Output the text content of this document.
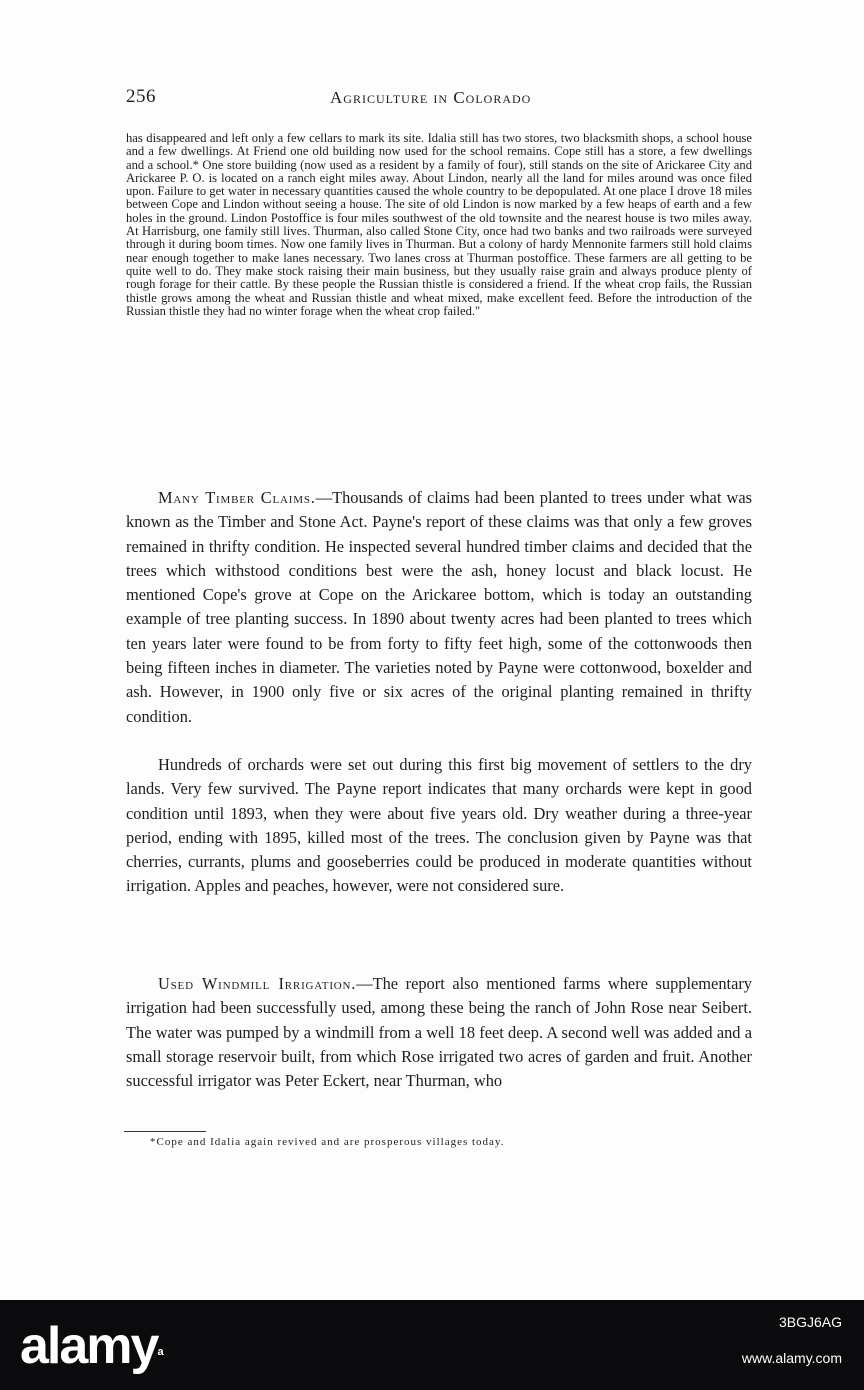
256	Agriculture in Colorado

has disappeared and left only a few cellars to mark its site. Idalia still has two stores, two blacksmith shops, a school house and a few dwellings. At Friend one old building now used for the school remains. Cope still has a store, a few dwellings and a school.* One store building (now used as a resident by a family of four), still stands on the site of Arickaree City and Arickaree P. O. is located on a ranch eight miles away. About Lindon, nearly all the land for miles around was once filed upon. Failure to get water in necessary quantities caused the whole country to be depopulated. At one place I drove 18 miles between Cope and Lindon without seeing a house. The site of old Lindon is now marked by a few heaps of earth and a few holes in the ground. Lindon Postoffice is four miles southwest of the old townsite and the nearest house is two miles away. At Harrisburg, one family still lives. Thurman, also called Stone City, once had two banks and two railroads were surveyed through it during boom times. Now one family lives in Thurman. But a colony of hardy Mennonite farmers still hold claims near enough together to make lanes necessary. Two lanes cross at Thurman postoffice. These farmers are all getting to be quite well to do. They make stock raising their main business, but they usually raise grain and always produce plenty of rough forage for their cattle. By these people the Russian thistle is considered a friend. If the wheat crop fails, the Russian thistle grows among the wheat and Russian thistle and wheat mixed, make excellent feed. Before the introduction of the Russian thistle they had no winter forage when the wheat crop failed."

Many Timber Claims.—Thousands of claims had been planted to trees under what was known as the Timber and Stone Act. Payne's report of these claims was that only a few groves remained in thrifty condition. He inspected several hundred timber claims and decided that the trees which withstood conditions best were the ash, honey locust and black locust. He mentioned Cope's grove at Cope on the Arickaree bottom, which is today an outstanding example of tree planting success. In 1890 about twenty acres had been planted to trees which ten years later were found to be from forty to fifty feet high, some of the cottonwoods then being fifteen inches in diameter. The varieties noted by Payne were cottonwood, boxelder and ash. However, in 1900 only five or six acres of the original planting remained in thrifty condition.

Hundreds of orchards were set out during this first big movement of settlers to the dry lands. Very few survived. The Payne report indicates that many orchards were kept in good condition until 1893, when they were about five years old. Dry weather during a three-year period, ending with 1895, killed most of the trees. The conclusion given by Payne was that cherries, currants, plums and gooseberries could be produced in moderate quantities without irrigation. Apples and peaches, however, were not considered sure.

Used Windmill Irrigation.—The report also mentioned farms where supplementary irrigation had been successfully used, among these being the ranch of John Rose near Seibert. The water was pumped by a windmill from a well 18 feet deep. A second well was added and a small storage reservoir built, from which Rose irrigated two acres of garden and fruit. Another successful irrigator was Peter Eckert, near Thurman, who

*Cope and Idalia again revived and are prosperous villages today.

alamy$^a$
3BGJ6AG
www.alamy.com
